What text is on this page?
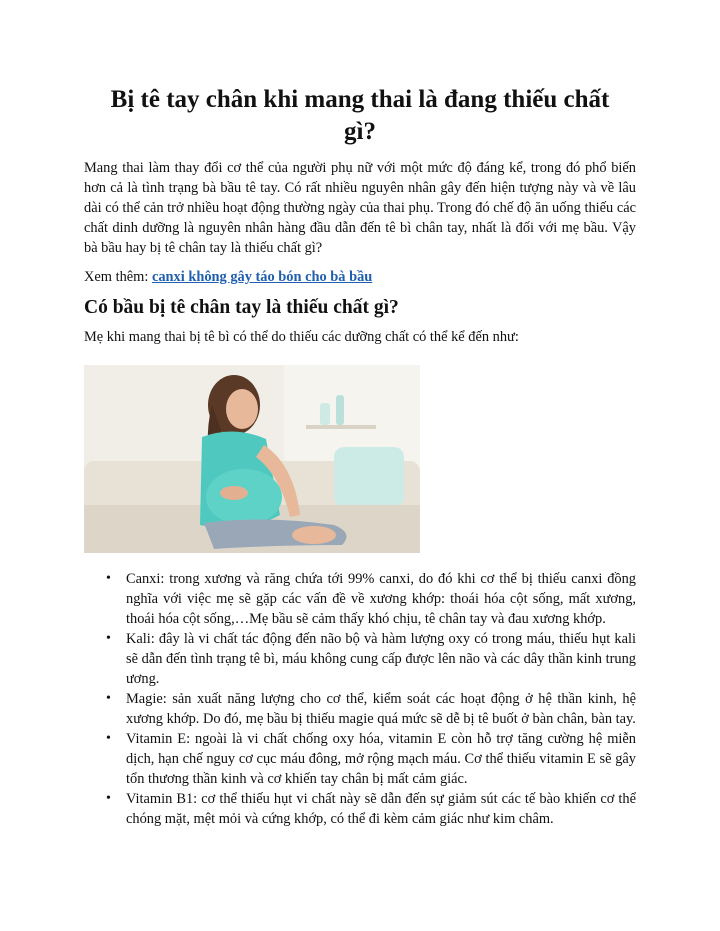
Bị tê tay chân khi mang thai là đang thiếu chất gì?

Mang thai làm thay đổi cơ thể của người phụ nữ với một mức độ đáng kể, trong đó phổ biến hơn cả là tình trạng bà bầu tê tay. Có rất nhiều nguyên nhân gây đến hiện tượng này và về lâu dài có thể cản trở nhiều hoạt động thường ngày của thai phụ. Trong đó chế độ ăn uống thiếu các chất dinh dưỡng là nguyên nhân hàng đầu dẫn đến tê bì chân tay, nhất là đối với mẹ bầu. Vậy bà bầu hay bị tê chân tay là thiếu chất gì?

Xem thêm: canxi không gây táo bón cho bà bầu

Có bầu bị tê chân tay là thiếu chất gì?

Mẹ khi mang thai bị tê bì có thể do thiếu các dưỡng chất có thể kể đến như:

• Canxi: trong xương và răng chứa tới 99% canxi, do đó khi cơ thể bị thiếu canxi đồng nghĩa với việc mẹ sẽ gặp các vấn đề về xương khớp: thoái hóa cột sống, mất xương, thoái hóa cột sống,…Mẹ bầu sẽ cảm thấy khó chịu, tê chân tay và đau xương khớp.
• Kali: đây là vi chất tác động đến não bộ và hàm lượng oxy có trong máu, thiếu hụt kali sẽ dẫn đến tình trạng tê bì, máu không cung cấp được lên não và các dây thần kinh trung ương.
• Magie: sản xuất năng lượng cho cơ thể, kiểm soát các hoạt động ở hệ thần kinh, hệ xương khớp. Do đó, mẹ bầu bị thiếu magie quá mức sẽ dễ bị tê buốt ở bàn chân, bàn tay.
• Vitamin E: ngoài là vi chất chống oxy hóa, vitamin E còn hỗ trợ tăng cường hệ miễn dịch, hạn chế nguy cơ cục máu đông, mở rộng mạch máu. Cơ thể thiếu vitamin E sẽ gây tổn thương thần kinh và cơ khiến tay chân bị mất cảm giác.
• Vitamin B1: cơ thể thiếu hụt vi chất này sẽ dẫn đến sự giảm sút các tế bào khiến cơ thể chóng mặt, mệt mỏi và cứng khớp, có thể đi kèm cảm giác như kim châm.
